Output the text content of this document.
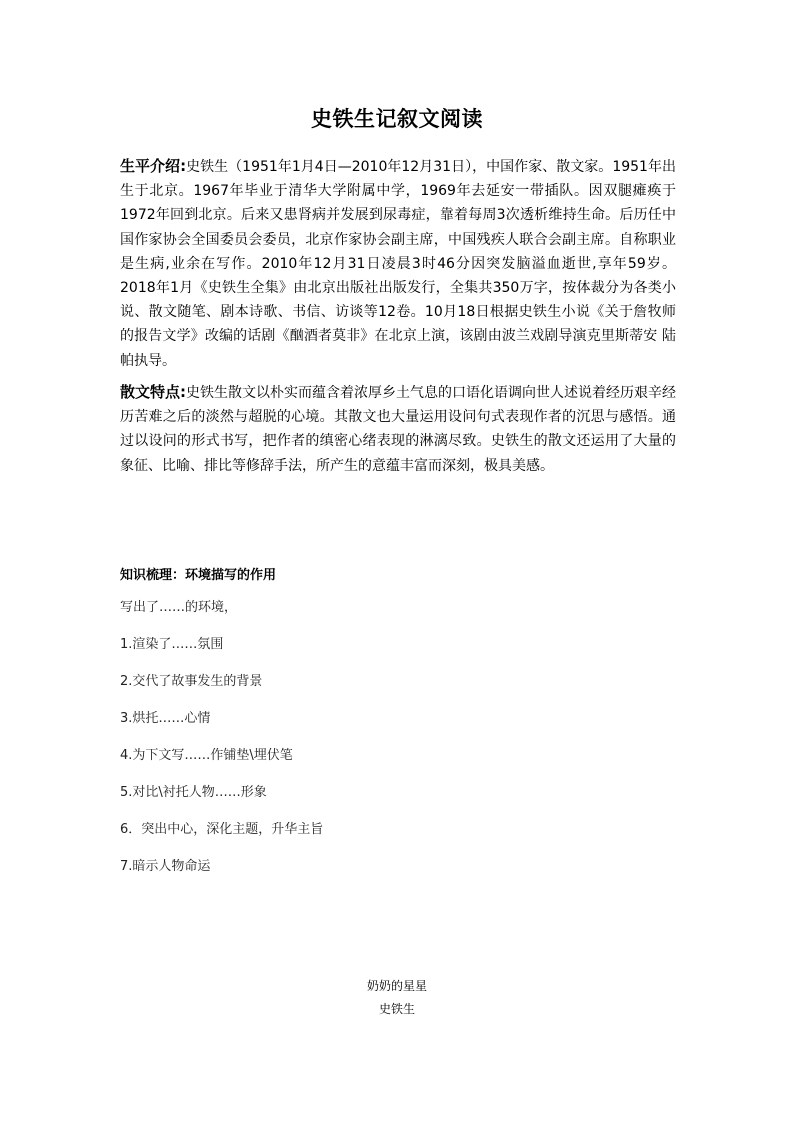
史铁生记叙文阅读

生平介绍:史铁生（1951年1月4日—2010年12月31日），中国作家、散文家。1951年出生于北京。1967年毕业于清华大学附属中学，1969年去延安一带插队。因双腿瘫痪于1972年回到北京。后来又患肾病并发展到尿毒症，靠着每周3次透析维持生命。后历任中国作家协会全国委员会委员，北京作家协会副主席，中国残疾人联合会副主席。自称职业是生病,业余在写作。2010年12月31日凌晨3时46分因突发脑溢血逝世,享年59岁。 2018年1月《史铁生全集》由北京出版社出版发行，全集共350万字，按体裁分为各类小说、散文随笔、剧本诗歌、书信、访谈等12卷。10月18日根据史铁生小说《关于詹牧师的报告文学》改编的话剧《酗酒者莫非》在北京上演，该剧由波兰戏剧导演克里斯蒂安 陆帕执导。

散文特点:史铁生散文以朴实而蕴含着浓厚乡土气息的口语化语调向世人述说着经历艰辛经历苦难之后的淡然与超脱的心境。其散文也大量运用设问句式表现作者的沉思与感悟。通过以设问的形式书写，把作者的缜密心绪表现的淋漓尽致。史铁生的散文还运用了大量的象征、比喻、排比等修辞手法，所产生的意蕴丰富而深刻，极具美感。

知识梳理：环境描写的作用
写出了……的环境，
1.渲染了……氛围
2.交代了故事发生的背景
3.烘托……心情
4.为下文写……作铺垫\埋伏笔
5.对比\衬托人物……形象
6．突出中心，深化主题，升华主旨
7.暗示人物命运
奶奶的星星
史铁生
